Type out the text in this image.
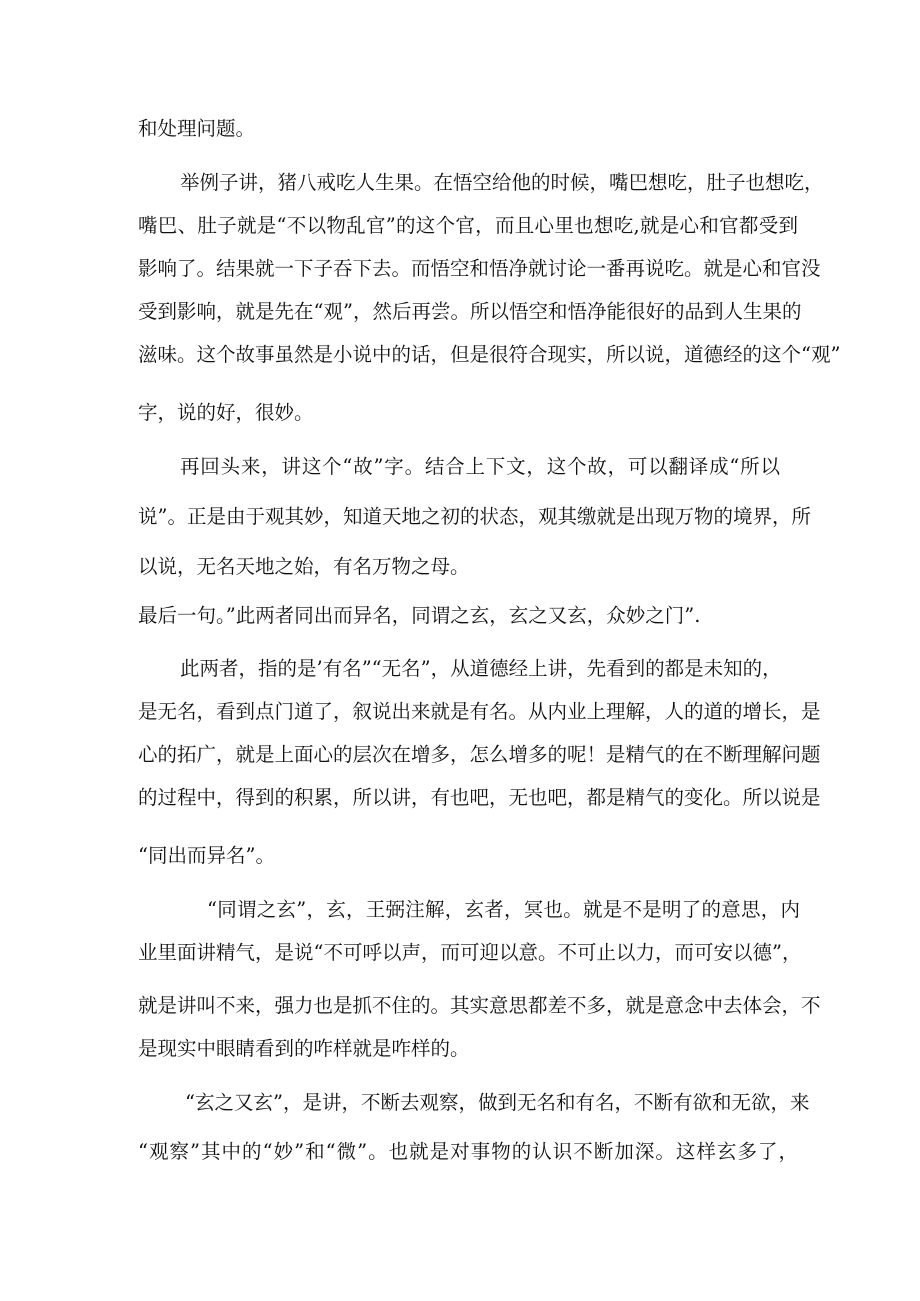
和处理问题。

举例子讲，猪八戒吃人生果。在悟空给他的时候，嘴巴想吃，肚子也想吃，

嘴巴、肚子就是“不以物乱官”的这个官，而且心里也想吃,就是心和官都受到

影响了。结果就一下子吞下去。而悟空和悟净就讨论一番再说吃。就是心和官没

受到影响，就是先在“观”，然后再尝。所以悟空和悟净能很好的品到人生果的

滋味。这个故事虽然是小说中的话，但是很符合现实，所以说，道德经的这个“观”

字，说的好，很妙。

再回头来，讲这个“故”字。结合上下文，这个故，可以翻译成“所以

说”。正是由于观其妙，知道天地之初的状态，观其缴就是出现万物的境界，所

以说，无名天地之始，有名万物之母。

最后一句。”此两者同出而异名，同谓之玄，玄之又玄，众妙之门”.

此两者，指的是’有名”“无名”，从道德经上讲，先看到的都是未知的，

是无名，看到点门道了，叙说出来就是有名。从内业上理解，人的道的增长，是

心的拓广，就是上面心的层次在增多，怎么增多的呢！是精气的在不断理解问题

的过程中，得到的积累，所以讲，有也吧，无也吧，都是精气的变化。所以说是

“同出而异名”。

“同谓之玄”，玄，王弼注解，玄者，冥也。就是不是明了的意思，内

业里面讲精气，是说“不可呼以声，而可迎以意。不可止以力，而可安以德”，

就是讲叫不来，强力也是抓不住的。其实意思都差不多，就是意念中去体会，不

是现实中眼睛看到的咋样就是咋样的。

“玄之又玄”，是讲，不断去观察，做到无名和有名，不断有欲和无欲，来

“观察”其中的“妙”和“微”。也就是对事物的认识不断加深。这样玄多了，
